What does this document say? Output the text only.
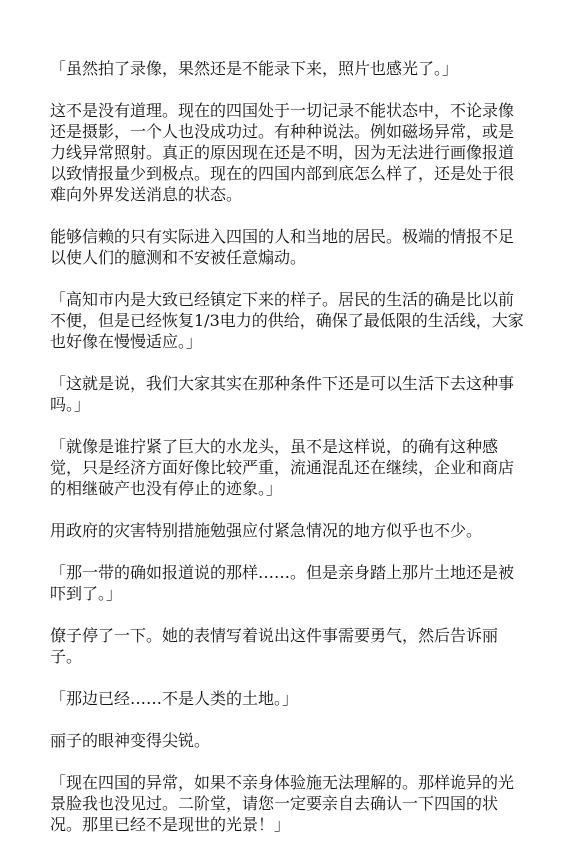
「虽然拍了录像，果然还是不能录下来，照片也感光了。」

这不是没有道理。现在的四国处于一切记录不能状态中，不论录像
还是摄影，一个人也没成功过。有种种说法。例如磁场异常，或是
力线异常照射。真正的原因现在还是不明，因为无法进行画像报道
以致情报量少到极点。现在的四国内部到底怎么样了，还是处于很
难向外界发送消息的状态。

能够信赖的只有实际进入四国的人和当地的居民。极端的情报不足
以使人们的臆测和不安被任意煽动。

「高知市内是大致已经镇定下来的样子。居民的生活的确是比以前
不便，但是已经恢复1/3电力的供给，确保了最低限的生活线，大家
也好像在慢慢适应。」

「这就是说，我们大家其实在那种条件下还是可以生活下去这种事
吗。」

「就像是谁拧紧了巨大的水龙头，虽不是这样说，的确有这种感
觉，只是经济方面好像比较严重，流通混乱还在继续，企业和商店
的相继破产也没有停止的迹象。」

用政府的灾害特别措施勉强应付紧急情况的地方似乎也不少。

「那一带的确如报道说的那样……。但是亲身踏上那片土地还是被
吓到了。」

僚子停了一下。她的表情写着说出这件事需要勇气，然后告诉丽
子。

「那边已经……不是人类的土地。」

丽子的眼神变得尖锐。

「现在四国的异常，如果不亲身体验施无法理解的。那样诡异的光
景脸我也没见过。二阶堂，请您一定要亲自去确认一下四国的状
况。那里已经不是现世的光景！」
